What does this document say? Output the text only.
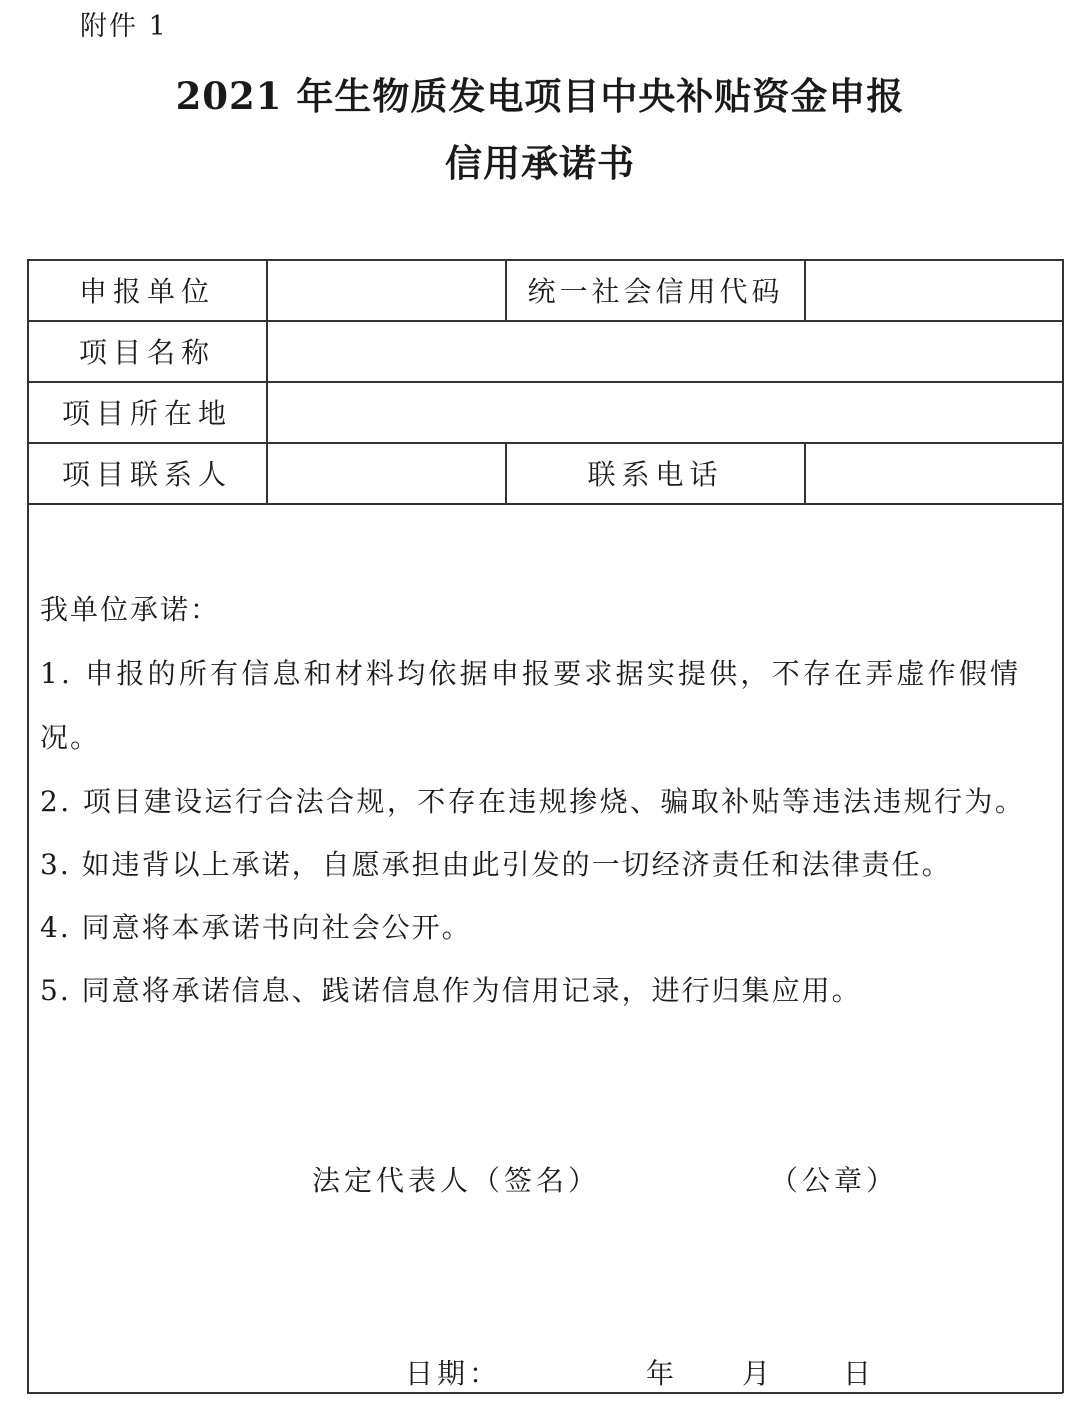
附件 1
2021 年生物质发电项目中央补贴资金申报
信用承诺书
申报单位	统一社会信用代码
项目名称
项目所在地
项目联系人	联系电话
我单位承诺：
1. 申报的所有信息和材料均依据申报要求据实提供，不存在弄虚作假情
况。
2. 项目建设运行合法合规，不存在违规掺烧、骗取补贴等违法违规行为。
3. 如违背以上承诺，自愿承担由此引发的一切经济责任和法律责任。
4. 同意将本承诺书向社会公开。
5. 同意将承诺信息、践诺信息作为信用记录，进行归集应用。
法定代表人（签名）	（公章）
日期：	年 月 日
